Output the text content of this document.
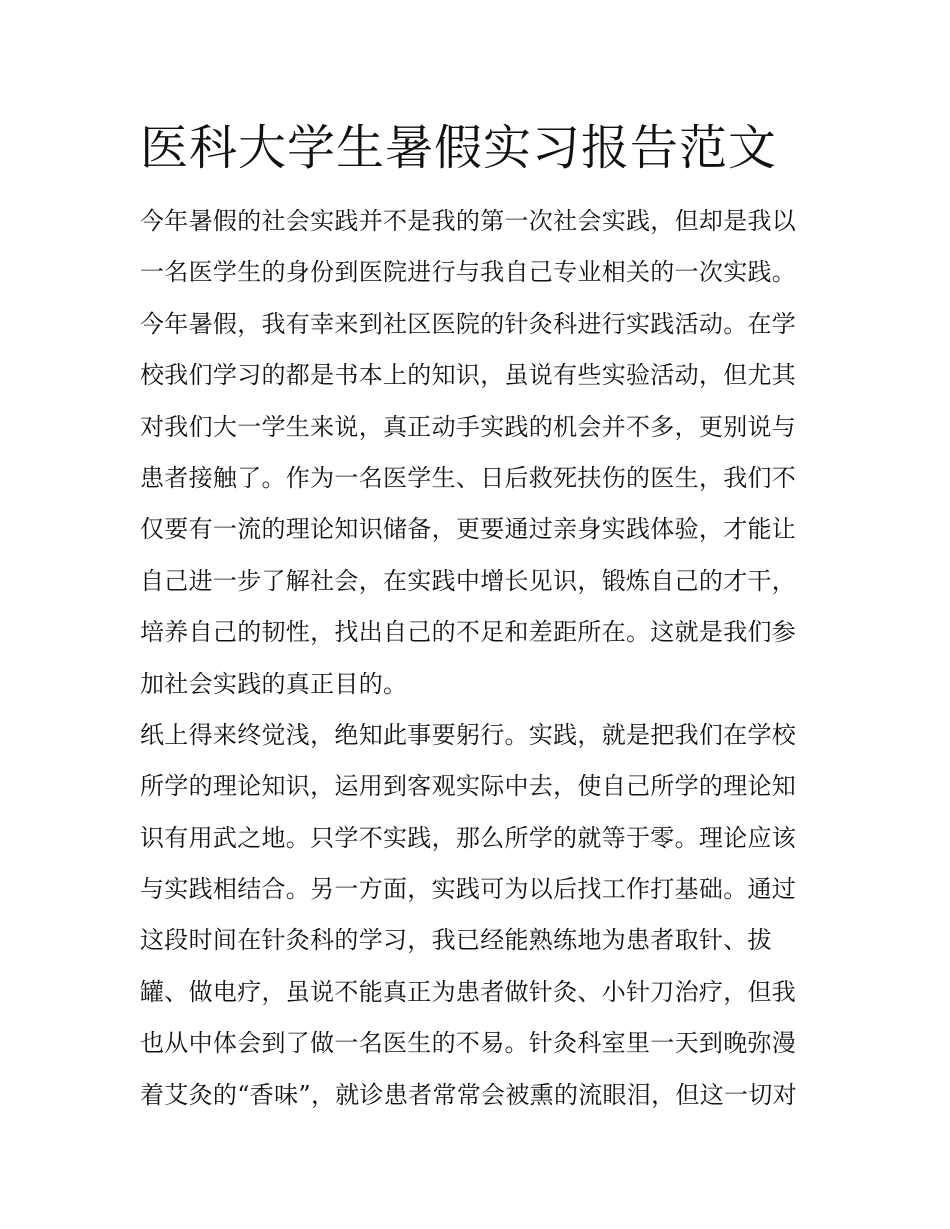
医科大学生暑假实习报告范文
今年暑假的社会实践并不是我的第一次社会实践，但却是我以
一名医学生的身份到医院进行与我自己专业相关的一次实践。
今年暑假，我有幸来到社区医院的针灸科进行实践活动。在学
校我们学习的都是书本上的知识，虽说有些实验活动，但尤其
对我们大一学生来说，真正动手实践的机会并不多，更别说与
患者接触了。作为一名医学生、日后救死扶伤的医生，我们不
仅要有一流的理论知识储备，更要通过亲身实践体验，才能让
自己进一步了解社会，在实践中增长见识，锻炼自己的才干，
培养自己的韧性，找出自己的不足和差距所在。这就是我们参
加社会实践的真正目的。
纸上得来终觉浅，绝知此事要躬行。实践，就是把我们在学校
所学的理论知识，运用到客观实际中去，使自己所学的理论知
识有用武之地。只学不实践，那么所学的就等于零。理论应该
与实践相结合。另一方面，实践可为以后找工作打基础。通过
这段时间在针灸科的学习，我已经能熟练地为患者取针、拔
罐、做电疗，虽说不能真正为患者做针灸、小针刀治疗，但我
也从中体会到了做一名医生的不易。针灸科室里一天到晚弥漫
着艾灸的“香味”，就诊患者常常会被熏的流眼泪，但这一切对
